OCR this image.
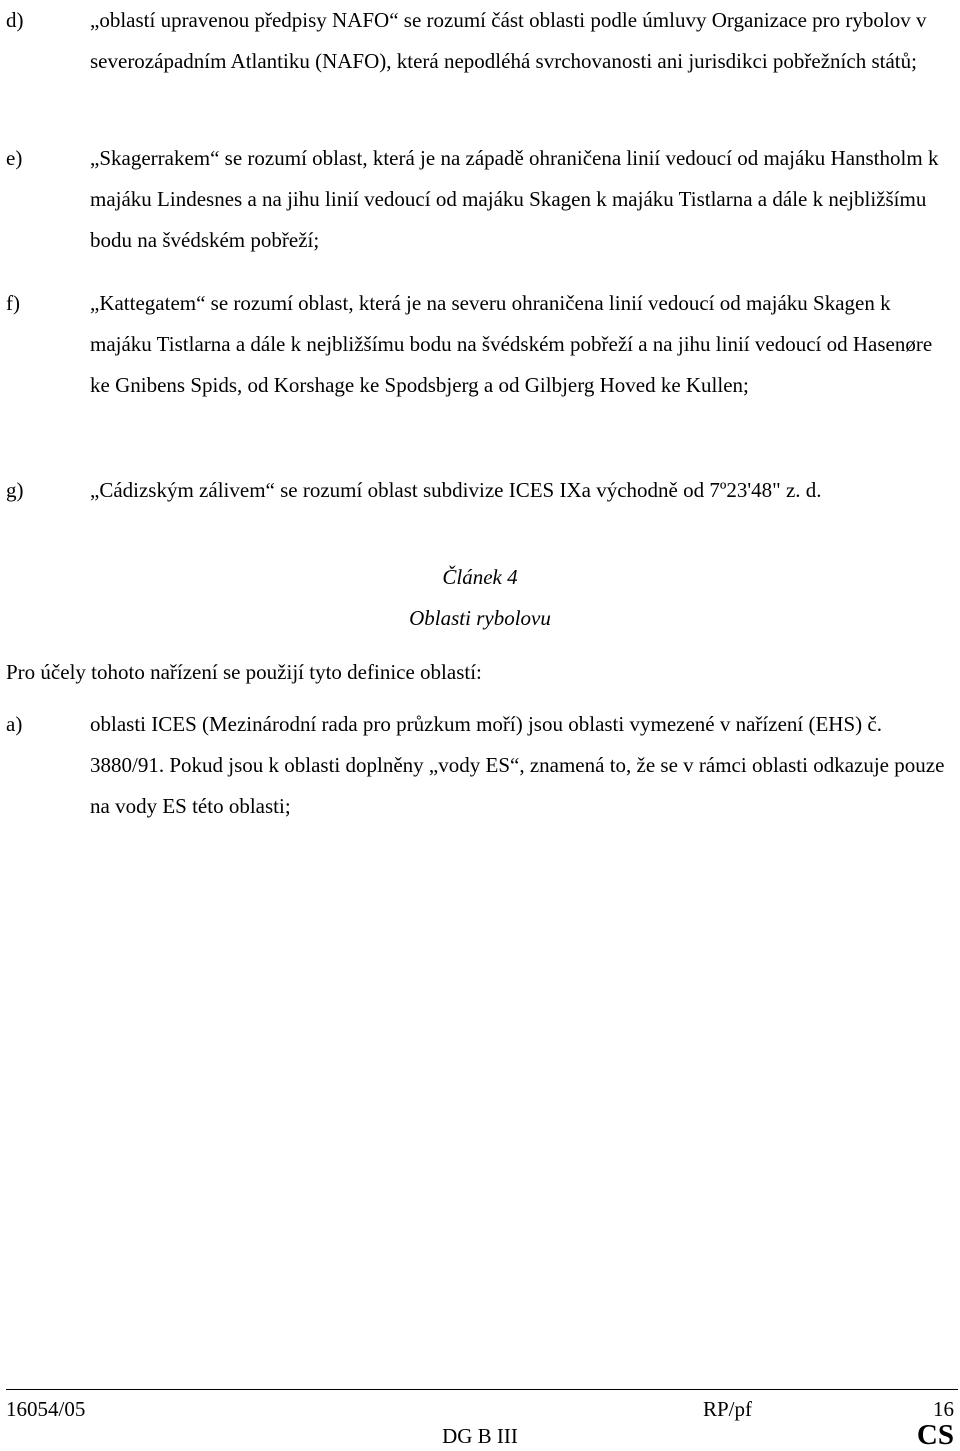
d)	„oblastí upravenou předpisy NAFO“ se rozumí část oblasti podle úmluvy Organizace pro rybolov v severozápadním Atlantiku (NAFO), která nepodléhá svrchovanosti ani jurisdikci pobřežních států;
e)	„Skagerrakem“ se rozumí oblast, která je na západě ohraničena linií vedoucí od majáku Hanstholm k majáku Lindesnes a na jihu linií vedoucí od majáku Skagen k majáku Tistlarna a dále k nejbližšímu bodu na švédském pobřeží;
f)	„Kattegatem“ se rozumí oblast, která je na severu ohraničena linií vedoucí od majáku Skagen k majáku Tistlarna a dále k nejbližšímu bodu na švédském pobřeží a na jihu linií vedoucí od Hasenøre ke Gnibens Spids, od Korshage ke Spodsbjerg a od Gilbjerg Hoved ke Kullen;
g)	„Cádizským zálivem“ se rozumí oblast subdivize ICES IXa východně od 7º23'48" z. d.
Článek 4
Oblasti rybolovu
Pro účely tohoto nařízení se použijí tyto definice oblastí:
a)	oblasti ICES (Mezinárodní rada pro průzkum moří) jsou oblasti vymezené v nařízení (EHS) č. 3880/91. Pokud jsou k oblasti doplněny „vody ES“, znamená to, že se v rámci oblasti odkazuje pouze na vody ES této oblasti;
16054/05	RP/pf	16
DG B III	CS
